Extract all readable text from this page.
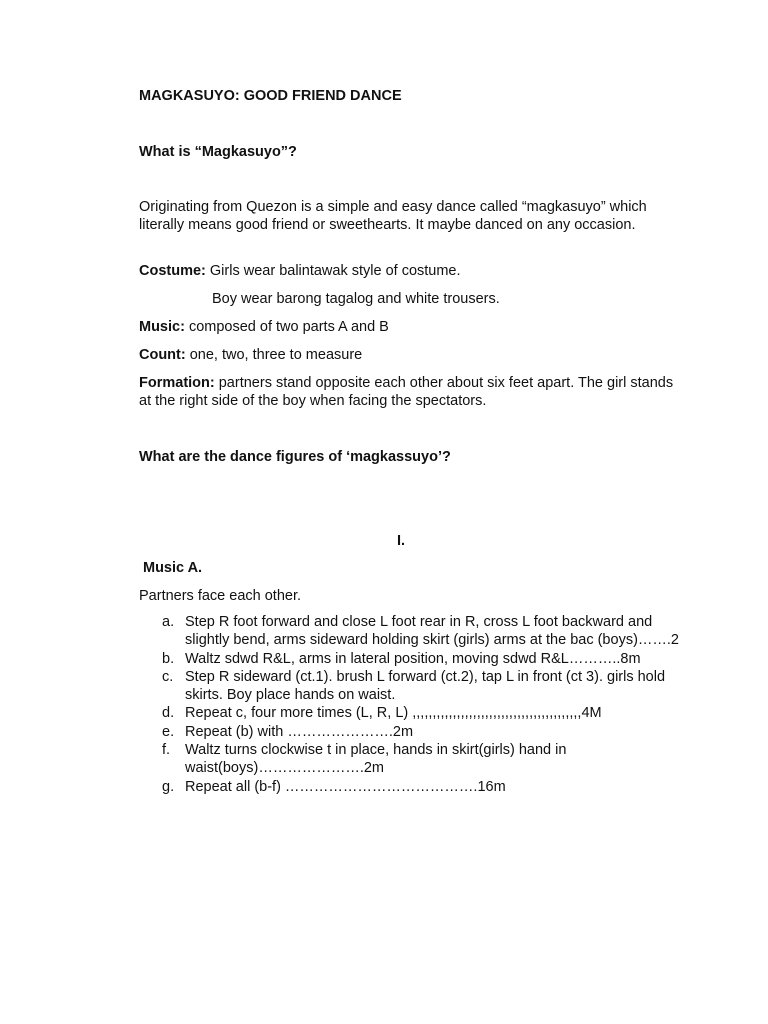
MAGKASUYO: GOOD FRIEND DANCE

What is “Magkasuyo”?

Originating from Quezon is a simple and easy dance called “magkasuyo” which literally means good friend or sweethearts. It maybe danced on any occasion.

Costume: Girls wear balintawak style of costume.

Boy wear barong tagalog and white trousers.

Music: composed of two parts A and B

Count: one, two, three to measure

Formation: partners stand opposite each other about six feet apart. The girl stands at the right side of the boy when facing the spectators.

What are the dance figures of ‘magkassuyo’?

I.

Music A.

Partners face each other.

a. Step R foot forward and close L foot rear in R, cross L foot backward and slightly bend, arms sideward holding skirt (girls) arms at the bac (boys)…….2
b. Waltz sdwd R&L, arms in lateral position, moving sdwd R&L………..8m
c. Step R sideward (ct.1). brush L forward (ct.2), tap L in front (ct 3). girls hold skirts. Boy place hands on waist.
d. Repeat c, four more times (L, R, L) ,,,,,,,,,,,,,,,,,,,,,,,,,,,,,,,,,,,,,,,,,,4M
e. Repeat (b) with ………………….2m
f. Waltz turns clockwise t in place, hands in skirt(girls) hand in waist(boys)………………….2m
g. Repeat all (b-f) ………………………………….16m
